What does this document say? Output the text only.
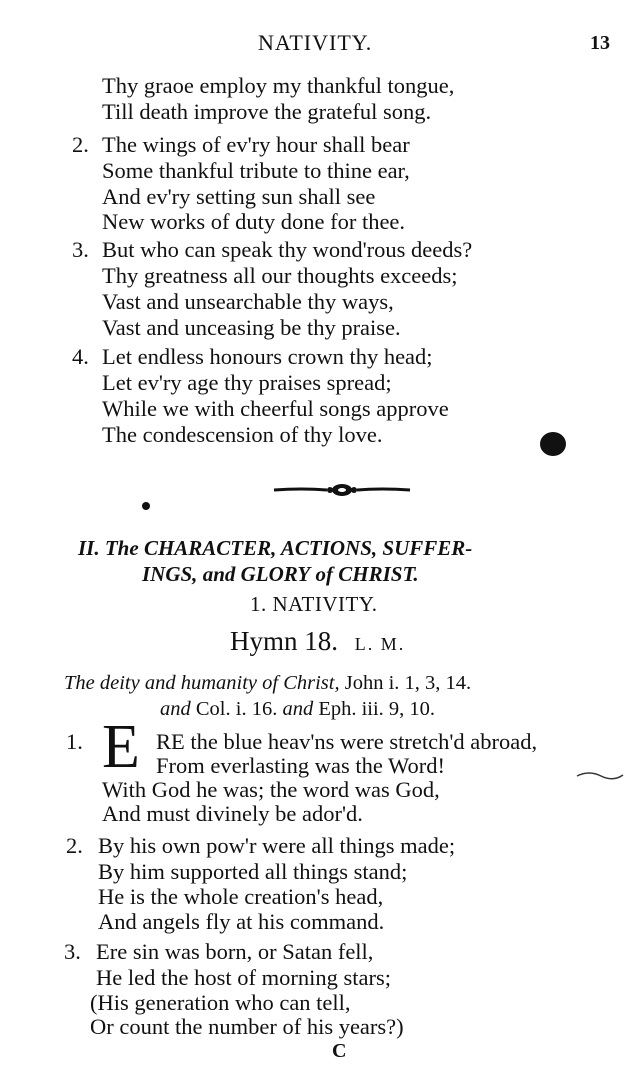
NATIVITY.	13
Thy graoe employ my thankful tongue,
Till death improve the grateful song.
2. The wings of ev'ry hour shall bear
Some thankful tribute to thine ear,
And ev'ry setting sun shall see
New works of duty done for thee.
3. But who can speak thy wond'rous deeds?
Thy greatness all our thoughts exceeds;
Vast and unsearchable thy ways,
Vast and unceasing be thy praise.
4. Let endless honours crown thy head;
Let ev'ry age thy praises spread;
While we with cheerful songs approve
The condescension of thy love.
II. The CHARACTER, ACTIONS, SUFFER-
INGS, and GLORY of CHRIST.
1. NATIVITY.
Hymn 18. L. M.
The deity and humanity of Christ, John i. 1, 3, 14.
and Col. i. 16. and Eph. iii. 9, 10.
1. E RE the blue heav'ns were stretch'd abroad,
From everlasting was the Word!
With God he was; the word was God,
And must divinely be ador'd.
2. By his own pow'r were all things made;
By him supported all things stand;
He is the whole creation's head,
And angels fly at his command.
3. Ere sin was born, or Satan fell,
He led the host of morning stars;
(His generation who can tell,
Or count the number of his years?)
C
